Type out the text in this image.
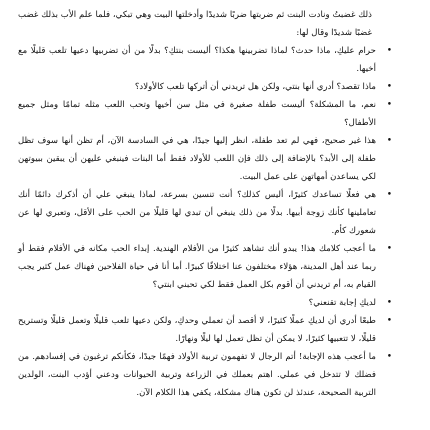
ذلك غضبتُ ونادت البنت ثم ضربتها ضربًا شديدًا وأدخلتها البيت وهي تبكي، فلما علم الأب بذلك غضب غضبًا شديدًا وقال لها:

•
حرام عليكِ، ماذا حدث؟ لماذا تضربينها هكذا؟ أليست بنتكِ؟ بدلًا من أن تضربيها دعيها تلعب قليلًا مع أخيها.

•
ماذا تقصد؟ أدري أنها بنتي، ولكن هل تريدني أن أتركها تلعب كالأولاد؟

•
نعم، ما المشكلة؟ أليست طفلة صغيرة في مثل سن أخيها وتحب اللعب مثله تمامًا ومثل جميع الأطفال؟

•
هذا غير صحيح، فهي لم تعد طفلة، انظر إليها جيدًا، هي في السادسة الآن، أم تظن أنها سوف تظل طفلة إلى الأبد؟ بالإضافة إلى ذلك فإن اللعب للأولاد فقط أما البنات فينبغي عليهن أن يبقين ببيوتهن لكي يساعدن أمهاتهن على عمل البيت.

•
هي فعلًا تساعدك كثيرًا، أليس كذلك؟ أنت تنسين بسرعة، لماذا ينبغي علي أن أذكرك دائمًا أنك تعاملينها كأنك زوجة أبيها. بدلًا من ذلك ينبغي أن تبدي لها قليلًا من الحب على الأقل، وتعبري لها عن شعورك كأم.

•
ما أعجب كلامك هذا! يبدو أنك تشاهد كثيرًا من الأفلام الهندية. إبداء الحب مكانه في الأفلام فقط أو ربما عند أهل المدينة، هؤلاء مختلفون عنا اختلافًا كبيرًا. أما أنا في حياة الفلاحين فهناك عمل كثير يجب القيام به، أم تريدني أن أقوم بكل العمل فقط لكي تحبني ابنتي؟

•
لديكِ إجابة تقنعني؟

•
طبعًا أدري أن لديكِ عملًا كثيرًا، لا أقصد أن تعملي وحدكِ، ولكن دعيها تلعب قليلًا وتعمل قليلًا وتستريح قليلًا، لا تتعبيها كثيرًا، لا يمكن أن تظل تعمل لها ليلًا ونهارًا.

•
ما أعجب هذه الإجابة! أتم الرجال لا تفهمون تربية الأولاد فهمًا جيدًا، فكأنكم ترغبون في إفسادهم. من فضلك لا تتدخل في عملي. اهتم بعملك في الزراعة وتربية الحيوانات ودعني أؤدب البنت، الولدين التربية الصحيحة، عندئذ لن تكون هناك مشكلة، يكفي هذا الكلام الآن.
